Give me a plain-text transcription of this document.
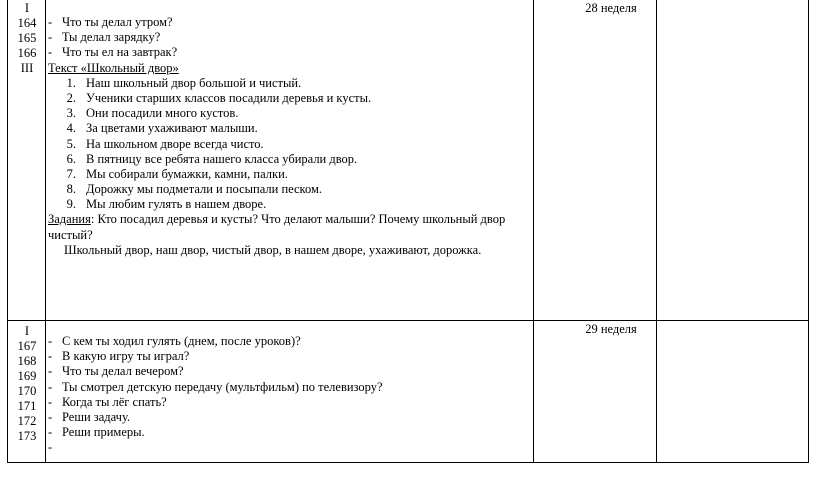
I
164
165
166
III
- Что ты делал утром?
- Ты делал зарядку?
- Что ты ел на завтрак?
Текст «Школьный двор»
1. Наш школьный двор большой и чистый.
2. Ученики старших классов посадили деревья и кусты.
3. Они посадили много кустов.
4. За цветами ухаживают малыши.
5. На школьном дворе всегда чисто.
6. В пятницу все ребята нашего класса убирали двор.
7. Мы собирали бумажки, камни, палки.
8. Дорожку мы подметали и посыпали песком.
9. Мы любим гулять в нашем дворе.
Задания: Кто посадил деревья и кусты? Что делают малыши? Почему школьный двор чистый?
Школьный двор, наш двор, чистый двор, в нашем дворе, ухаживают, дорожка.
28 неделя
I
167
168
169
170
171
172
173
- С кем ты ходил гулять (днем, после уроков)?
- В какую игру ты играл?
- Что ты делал вечером?
- Ты смотрел детскую передачу (мультфильм) по телевизору?
- Когда ты лёг спать?
- Реши задачу.
- Реши примеры.
-
29 неделя
